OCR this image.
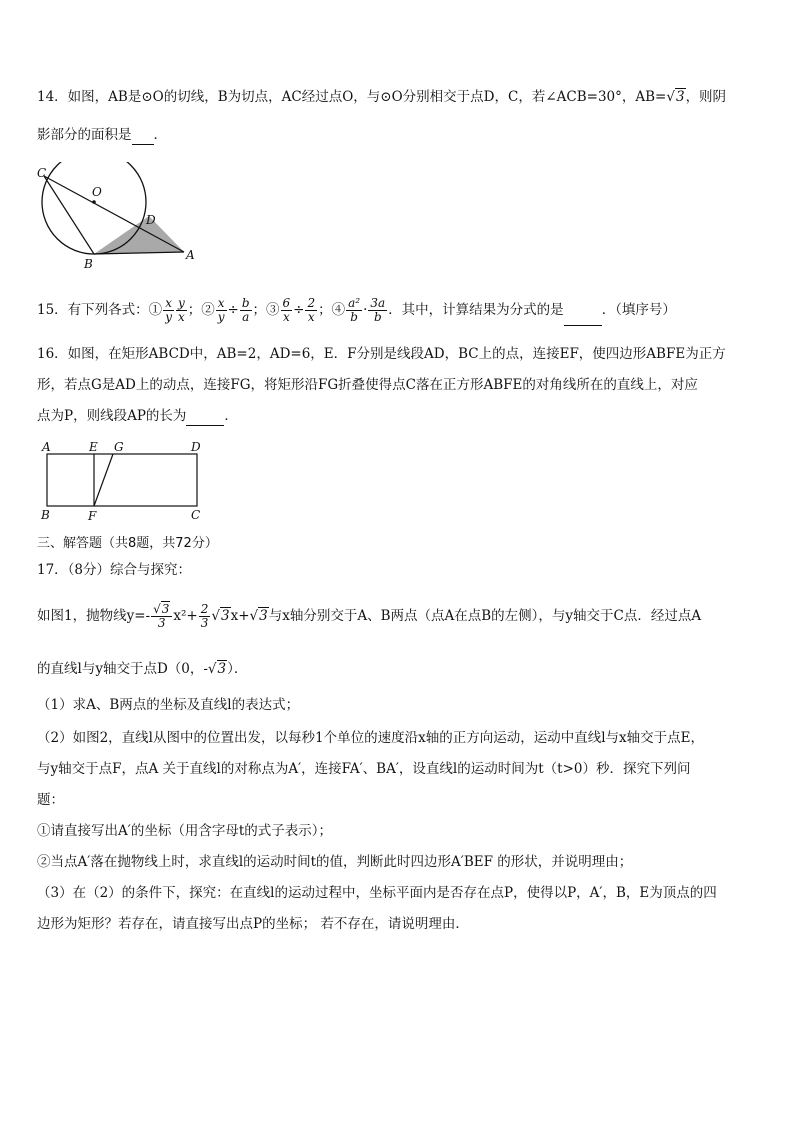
14．如图，AB是⊙O的切线，B为切点，AC经过点O，与⊙O分别相交于点D，C，若∠ACB=30°，AB=√3，则阴
影部分的面积是 ．
C
O
D
B
A
15．有下列各式：① $\frac{x}{y} \frac{y}{x}$ ；② $\frac{x}{y} \div \frac{b}{a}$ ；③ $\frac{6}{x} \div \frac{2}{x}$ ；④ $\frac{\text{a²}}{b} \cdot \frac{3a}{b}$ ．其中，计算结果为分式的是	．（填序号）
16．如图，在矩形ABCD中，AB=2，AD=6，E．F分别是线段AD，BC上的点，连接EF，使四边形ABFE为正方
形，若点G是AD上的动点，连接FG，将矩形沿FG折叠使得点C落在正方形ABFE的对角线所在的直线上，对应
点为P，则线段AP的长为	．
A	E G	D
B	F	C
三、解答题（共8题，共72分）
17．（8分）综合与探究：
如图1，抛物线$y=- \frac{√3}{3} x^2+ \frac{2}{3} √3x+√3$与x轴分别交于A、B两点（点A在点B的左侧），与y轴交于C点．经过点A
的直线l与y轴交于点D（0，-√3）．
（1）求A、B两点的坐标及直线l的表达式；
（2）如图2，直线l从图中的位置出发，以每秒1个单位的速度沿x轴的正方向运动，运动中直线l与x轴交于点E，
与y轴交于点F，点A 关于直线l的对称点为A′，连接FA′、BA′，设直线l的运动时间为t（t>0）秒．探究下列问
题：
①请直接写出A′的坐标（用含字母t的式子表示）；
②当点A′落在抛物线上时，求直线l的运动时间t的值，判断此时四边形A′BEF 的形状，并说明理由；
（3）在（2）的条件下，探究：在直线l的运动过程中，坐标平面内是否存在点P，使得以P，A′，B，E为顶点的四
边形为矩形？若存在，请直接写出点P的坐标； 若不存在，请说明理由．
